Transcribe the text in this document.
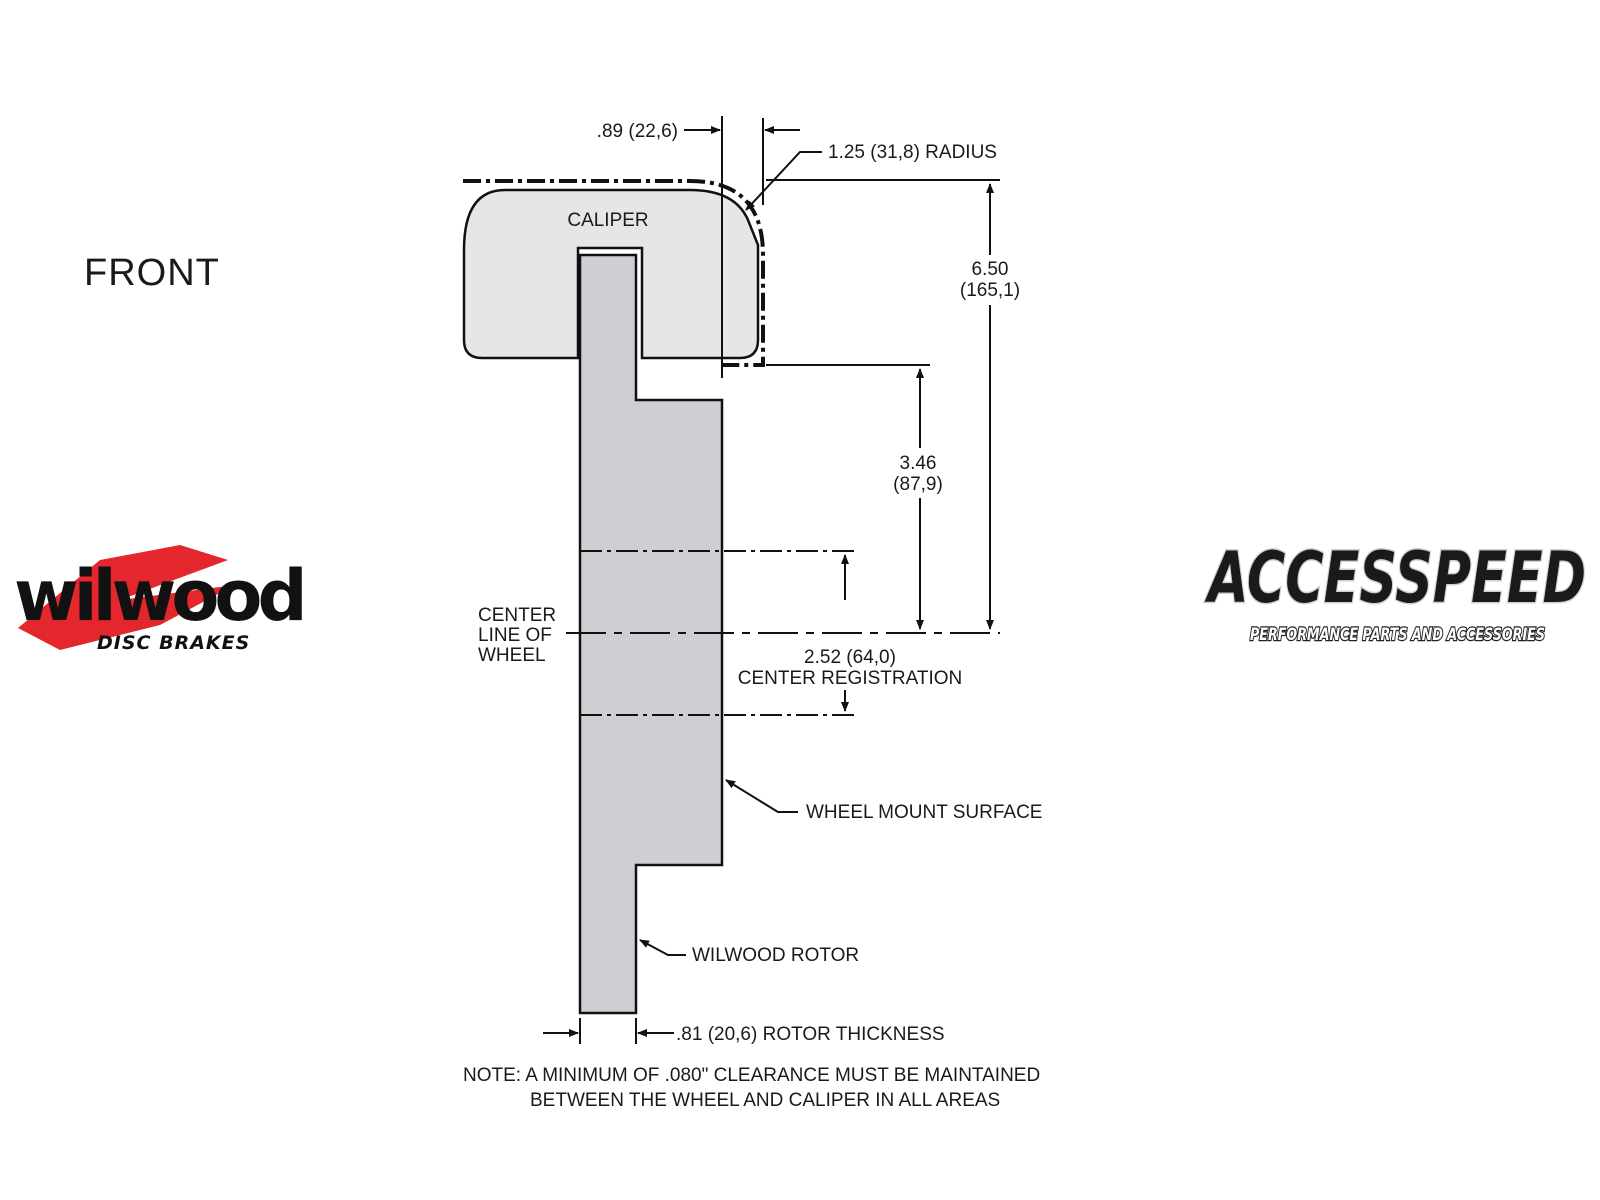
FRONT
CALIPER
CENTER
LINE OF
WHEEL
.89 (22,6)
1.25 (31,8) RADIUS
6.50
(165,1)
3.46
(87,9)
2.52 (64,0)
CENTER REGISTRATION
WHEEL MOUNT SURFACE
WILWOOD ROTOR
.81 (20,6) ROTOR THICKNESS
NOTE: A MINIMUM OF .080" CLEARANCE MUST BE MAINTAINED
BETWEEN THE WHEEL AND CALIPER IN ALL AREAS
wilwood
DISC BRAKES
ACCESSPEED
PERFORMANCE PARTS AND ACCESSORIES
